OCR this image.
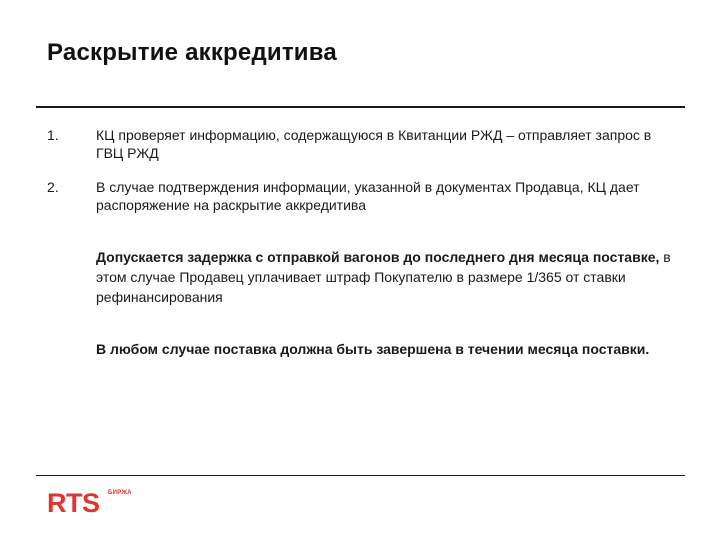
Раскрытие аккредитива
1.	КЦ проверяет информацию, содержащуюся в Квитанции РЖД – отправляет запрос в ГВЦ РЖД
2.	В случае подтверждения информации, указанной в документах Продавца, КЦ дает распоряжение на раскрытие аккредитива
Допускается задержка с отправкой вагонов до последнего дня месяца поставке, в этом случае Продавец уплачивает штраф Покупателю в размере 1/365 от ставки рефинансирования
В любом случае поставка должна быть завершена в течении месяца поставки.
RTS БИРЖА
